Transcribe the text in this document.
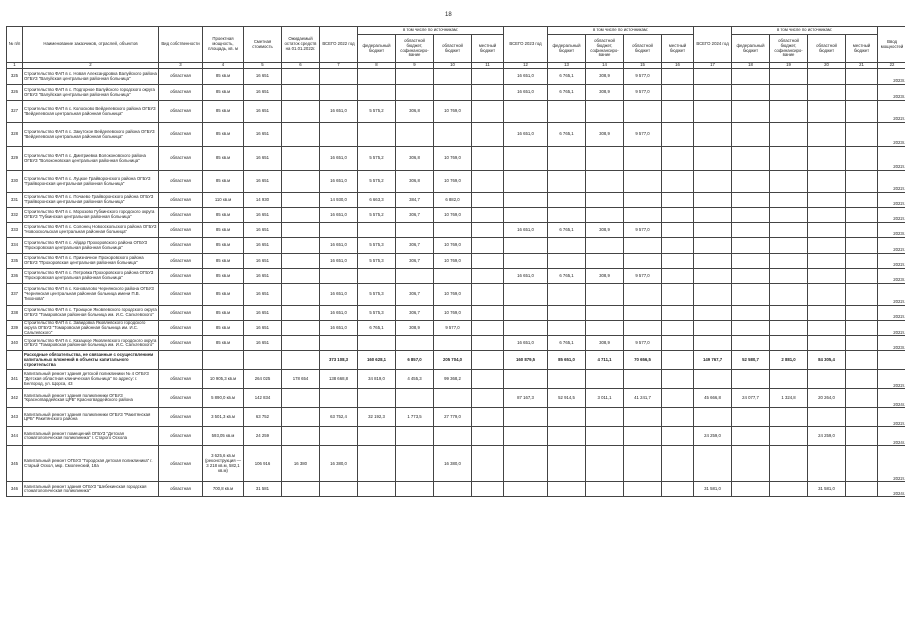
18
№ п/п	Наименование заказчиков, отраслей, объектов	Вид собственности	Проектная мощность, площадь, кв. м	Сметная стоимость	Ожидаемый остаток средств на 01.01.2022г.	ВСЕГО 2022 год	в том числе по источникам:				ВСЕГО 2023 год	в том числе по источникам:				ВСЕГО 2024 год	в том числе по источникам:				Ввод мощностей
							федеральный бюджет	областной бюджет, софинансиро-вание	областной бюджет	местный бюджет		федеральный бюджет	областной бюджет, софинансиро-вание	областной бюджет	местный бюджет		федеральный бюджет	областной бюджет, софинансиро-вание	областной бюджет	местный бюджет	
1	2	3	4	5	6	7	8	9	10	11	12	13	14	15	16	17	18	19	20	21	22
325	Строительство ФАП в с. Новая Александровка Валуйского района ОГБУЗ "Валуйская центральная районная больница"	областная	85 кв.м	16 651							16 651,0	6 765,1	308,9	9 577,0							2023г.
326	Строительство ФАП в с. Подгорное Валуйского городского округа ОГБУЗ "Валуйская центральная районная больница"	областная	85 кв.м	16 651							16 651,0	6 765,1	308,9	9 577,0							2023г.
327	Строительство ФАП в с. Колосково Вейделевского района ОГБУЗ "Вейделевская центральная районная больница"	областная	85 кв.м	16 651		16 651,0	5 575,2	306,8	10 769,0												2022г.
328	Строительство ФАП в с. Закутское Вейделевского района ОГБУЗ "Вейделевская центральная районная больница"	областная	85 кв.м	16 651							16 651,0	6 765,1	308,9	9 577,0							2023г.
329	Строительство ФАП в с. Дмитриевка Волоконовского района ОГБУЗ "Волоконовская центральная районная больница"	областная	85 кв.м	16 651		16 651,0	5 575,2	306,8	10 769,0												2022г.
330	Строительство ФАП в с. Луцкое Грайворонского района ОГБУЗ "Грайворонская центральная районная больница"	областная	85 кв.м	16 651		16 651,0	5 575,2	306,8	10 769,0												2022г.
331	Строительство ФАП в с. Почаево Грайворонского района ОГБУЗ "Грайворонская центральная районная больница"	областная	110 кв.м	14 930		14 930,0	6 663,3	384,7	6 882,0												2022г.
332	Строительство ФАП в с. Морозово Губкинского городского округа ОГБУЗ "Губкинская центральная районная больница"	областная	85 кв.м	16 651		16 651,0	5 575,2	306,7	10 769,0												2022г.
333	Строительство ФАП в с. Солонец Новооскольского района ОГБУЗ "Новооскольская центральная районная больница"	областная	85 кв.м	16 651							16 651,0	6 765,1	308,9	9 577,0							2023г.
334	Строительство ФАП в с. Айдар Прохоровского района ОГБУЗ "Прохоровская центральная районная больница"	областная	85 кв.м	16 651		16 651,0	5 575,3	306,7	10 769,0												2022г.
335	Строительство ФАП в с. Призначное Прохоровского района ОГБУЗ "Прохоровская центральная районная больница"	областная	85 кв.м	16 651		16 651,0	5 575,3	306,7	10 769,0												2022г.
336	Строительство ФАП в с. Петровка Прохоровского района ОГБУЗ "Прохоровская центральная районная больница"	областная	85 кв.м	16 651							16 651,0	6 765,1	308,9	9 577,0							2023г.
337	Строительство ФАП в с. Коновалово Чернянского района ОГБУЗ "Чернянская центральная районная больница имени П.В. Тихонова"	областная	85 кв.м	16 651		16 651,0	5 575,3	306,7	10 769,0												2022г.
338	Строительство ФАП в с. Троицкое Яковлевского городского округа ОГБУЗ "Томаровская районная больница им. И.С. Сальтевского"	областная	85 кв.м	16 651		16 651,0	5 575,3	306,7	10 769,0												2022г.
339	Строительство ФАП в с. Завидовка Яковлевского городского округа ОГБУЗ "Томаровская районная больница им. И.С. Сальтевского"	областная	85 кв.м	16 651		16 651,0	6 765,1	308,9	9 577,0												2022г.
340	Строительство ФАП в с. Казацкое Яковлевского городского округа ОГБУЗ "Томаровская районная больница им. И.С. Сальтевского"	областная	85 кв.м	16 651							16 651,0	6 765,1	308,9	9 577,0							2023г.
	Расходные обязательства, не связанные с осуществлением капитальных вложений в объекты капитального строительства					373 108,3	160 628,1	6 857,0	205 704,0		160 879,5	85 651,0	4 711,1	70 656,5		149 767,7	52 580,7	2 881,0	84 305,4		
341	Капитальный ремонт здания детской поликлиники № 4 ОГБУЗ "Детская областная клиническая больница" по адресу: г. Белгород, ул. Щорса, 43	областная	10 905,3 кв.м	264 025	178 654	138 668,8	34 819,0	4 455,3	99 368,2												2022г.
342	Капитальный ремонт здания поликлиники ОГБУЗ "Красногвардейская ЦРБ" Красногвардейского района	областная	5 890,0 кв.м	142 834							87 167,3	52 914,5	3 011,1	41 241,7		45 666,8	24 077,7	1 324,8	20 264,0		2024г.
343	Капитальный ремонт здания поликлиники ОГБУЗ "Ракитянская ЦРБ" Ракитянского района	областная	3 501,3 кв.м	63 752		63 752,4	32 192,3	1 773,5	27 779,0												2022г.
344	Капитальный ремонт помещений ОГБУЗ "Детская стоматологическая поликлиника" г. Старого Оскола	областная	593,05 кв.м	24 259												24 259,0			24 259,0		2024г.
345	Капитальный ремонт ОГБУЗ "Городская детская поликлиника" г. Старый Оскол, мкр. Смоленский, 18а	областная	3 625,6 кв.м (реконструкция — 3 218 кв.м, 582,1 кв.м)	106 916	16 380	16 380,0			16 380,0												2022г.
346	Капитальный ремонт здания ОГБУЗ "Шебекинская городская стоматологическая поликлиника"	областная	700,8 кв.м	31 581												31 581,0			31 581,0		2024г.
